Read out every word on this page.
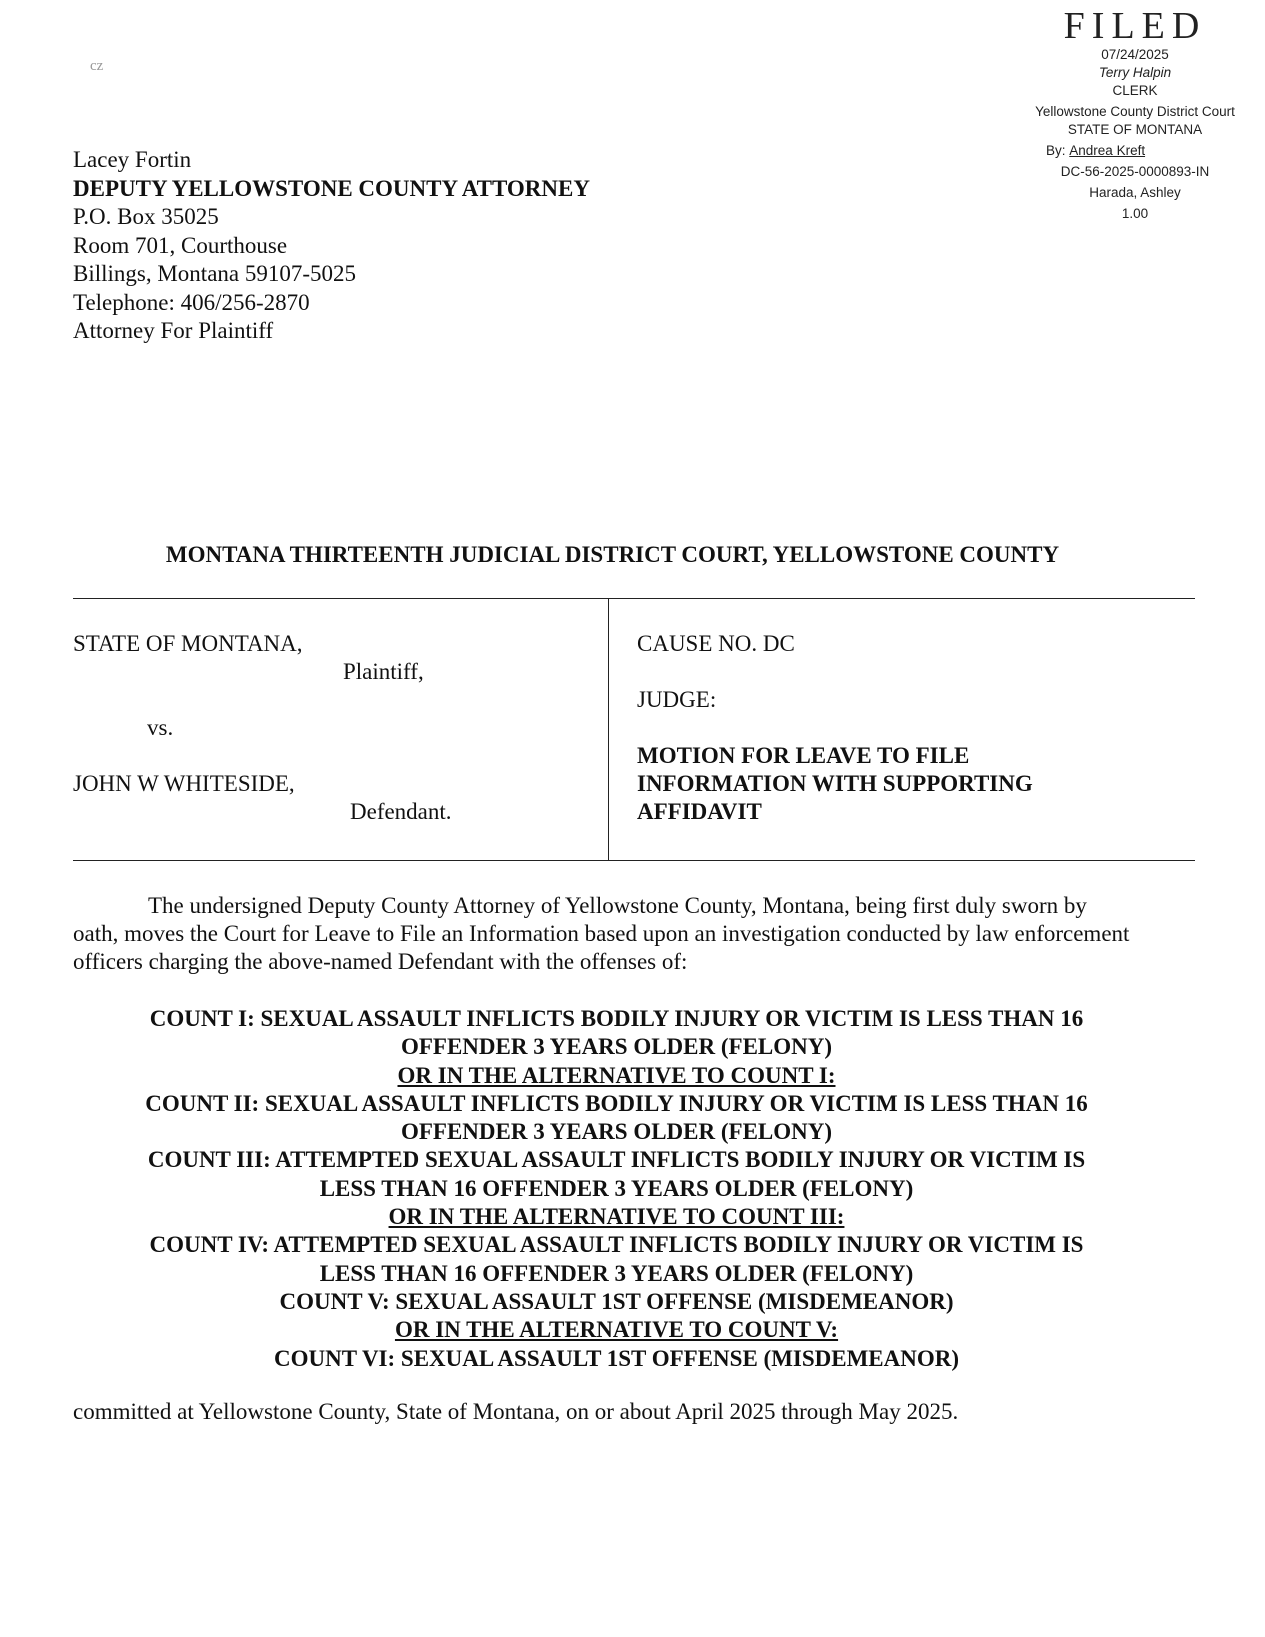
cz
FILED
07/24/2025
Terry Halpin
CLERK
Yellowstone County District Court
STATE OF MONTANA
By: Andrea Kreft
DC-56-2025-0000893-IN
Harada, Ashley
1.00
Lacey Fortin
DEPUTY YELLOWSTONE COUNTY ATTORNEY
P.O. Box 35025
Room 701, Courthouse
Billings, Montana 59107-5025
Telephone: 406/256-2870
Attorney For Plaintiff
MONTANA THIRTEENTH JUDICIAL DISTRICT COURT, YELLOWSTONE COUNTY
STATE OF MONTANA,
Plaintiff,
vs.
JOHN W WHITESIDE,
Defendant.
CAUSE NO. DC
JUDGE:
MOTION FOR LEAVE TO FILE
INFORMATION WITH SUPPORTING
AFFIDAVIT
The undersigned Deputy County Attorney of Yellowstone County, Montana, being first duly sworn by oath, moves the Court for Leave to File an Information based upon an investigation conducted by law enforcement officers charging the above-named Defendant with the offenses of:
COUNT I: SEXUAL ASSAULT INFLICTS BODILY INJURY OR VICTIM IS LESS THAN 16
OFFENDER 3 YEARS OLDER (FELONY)
OR IN THE ALTERNATIVE TO COUNT I:
COUNT II: SEXUAL ASSAULT INFLICTS BODILY INJURY OR VICTIM IS LESS THAN 16
OFFENDER 3 YEARS OLDER (FELONY)
COUNT III: ATTEMPTED SEXUAL ASSAULT INFLICTS BODILY INJURY OR VICTIM IS
LESS THAN 16 OFFENDER 3 YEARS OLDER (FELONY)
OR IN THE ALTERNATIVE TO COUNT III:
COUNT IV: ATTEMPTED SEXUAL ASSAULT INFLICTS BODILY INJURY OR VICTIM IS
LESS THAN 16 OFFENDER 3 YEARS OLDER (FELONY)
COUNT V: SEXUAL ASSAULT 1ST OFFENSE (MISDEMEANOR)
OR IN THE ALTERNATIVE TO COUNT V:
COUNT VI: SEXUAL ASSAULT 1ST OFFENSE (MISDEMEANOR)
committed at Yellowstone County, State of Montana, on or about April 2025 through May 2025.
